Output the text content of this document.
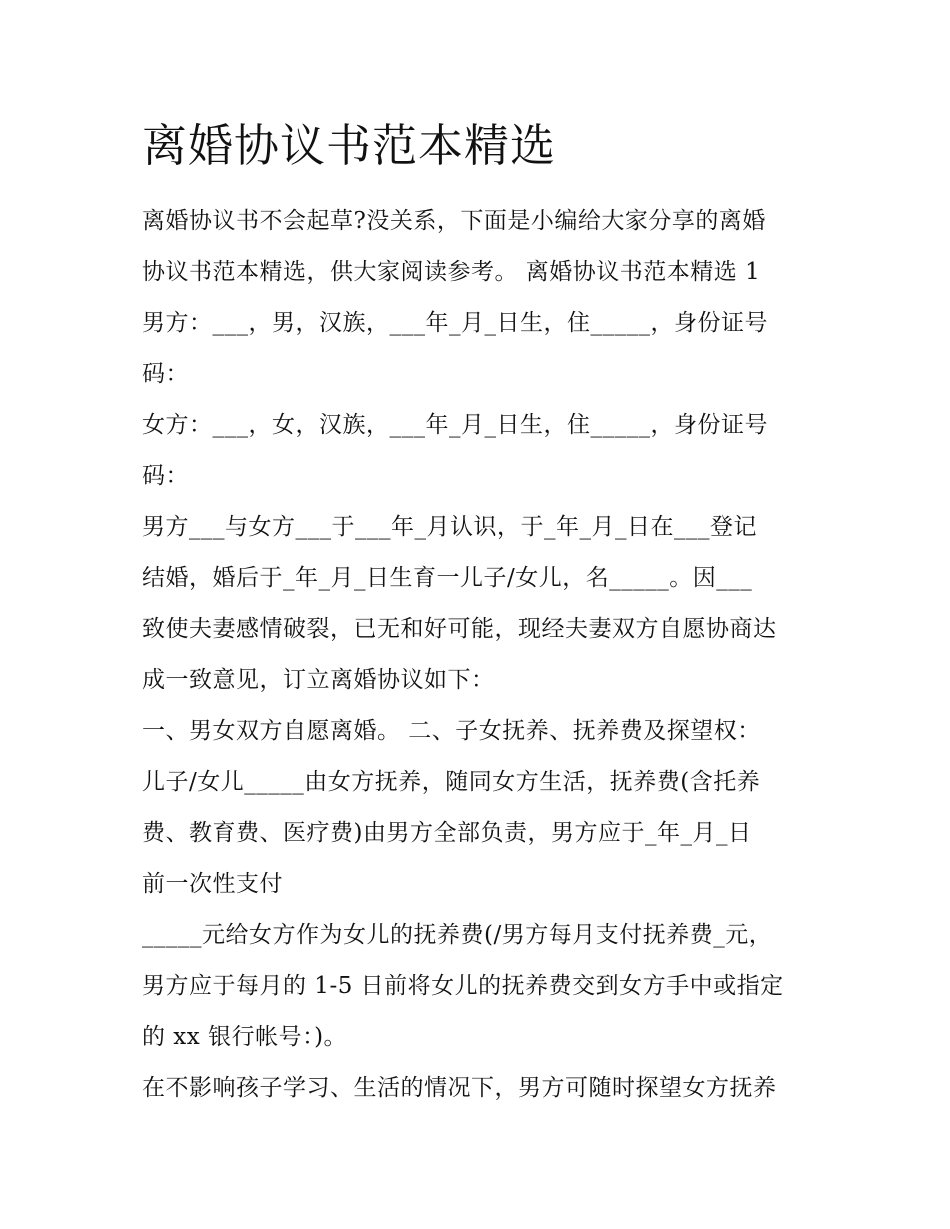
离婚协议书范本精选
离婚协议书不会起草?没关系，下面是小编给大家分享的离婚
协议书范本精选，供大家阅读参考。 离婚协议书范本精选 1
男方：___，男，汉族，___年_月_日生，住_____，身份证号
码：
女方：___，女，汉族，___年_月_日生，住_____，身份证号
码：
男方___与女方___于___年_月认识，于_年_月_日在___登记
结婚，婚后于_年_月_日生育一儿子/女儿，名_____。因___
致使夫妻感情破裂，已无和好可能，现经夫妻双方自愿协商达
成一致意见，订立离婚协议如下：
一、男女双方自愿离婚。 二、子女抚养、抚养费及探望权：
儿子/女儿_____由女方抚养，随同女方生活，抚养费(含托养
费、教育费、医疗费)由男方全部负责，男方应于_年_月_日
前一次性支付
_____元给女方作为女儿的抚养费(/男方每月支付抚养费_元，
男方应于每月的 1-5 日前将女儿的抚养费交到女方手中或指定
的 xx 银行帐号：)。
在不影响孩子学习、生活的情况下，男方可随时探望女方抚养
